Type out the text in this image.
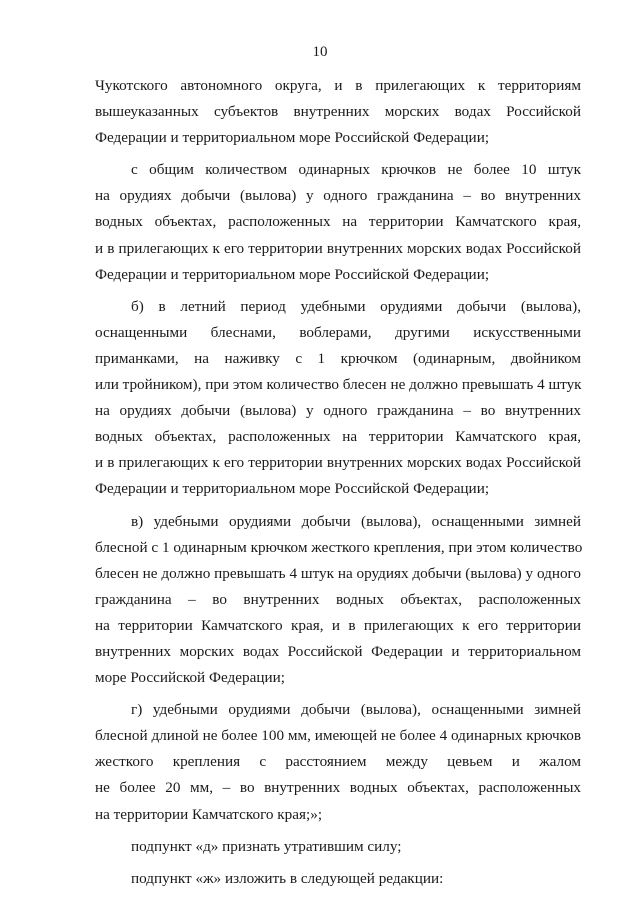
10
Чукотского автономного округа, и в прилегающих к территориям
вышеуказанных субъектов внутренних морских водах Российской
Федерации и территориальном море Российской Федерации;
с общим количеством одинарных крючков не более 10 штук
на орудиях добычи (вылова) у одного гражданина – во внутренних
водных объектах, расположенных на территории Камчатского края,
и в прилегающих к его территории внутренних морских водах Российской
Федерации и территориальном море Российской Федерации;
б) в летний период удебными орудиями добычи (вылова),
оснащенными блеснами, воблерами, другими искусственными
приманками, на наживку с 1 крючком (одинарным, двойником
или тройником), при этом количество блесен не должно превышать 4 штук
на орудиях добычи (вылова) у одного гражданина – во внутренних
водных объектах, расположенных на территории Камчатского края,
и в прилегающих к его территории внутренних морских водах Российской
Федерации и территориальном море Российской Федерации;
в) удебными орудиями добычи (вылова), оснащенными зимней
блесной с 1 одинарным крючком жесткого крепления, при этом количество
блесен не должно превышать 4 штук на орудиях добычи (вылова) у одного
гражданина – во внутренних водных объектах, расположенных
на территории Камчатского края, и в прилегающих к его территории
внутренних морских водах Российской Федерации и территориальном
море Российской Федерации;
г) удебными орудиями добычи (вылова), оснащенными зимней
блесной длиной не более 100 мм, имеющей не более 4 одинарных крючков
жесткого крепления с расстоянием между цевьем и жалом
не более 20 мм, – во внутренних водных объектах, расположенных
на территории Камчатского края;»;
подпункт «д» признать утратившим силу;
подпункт «ж» изложить в следующей редакции:
